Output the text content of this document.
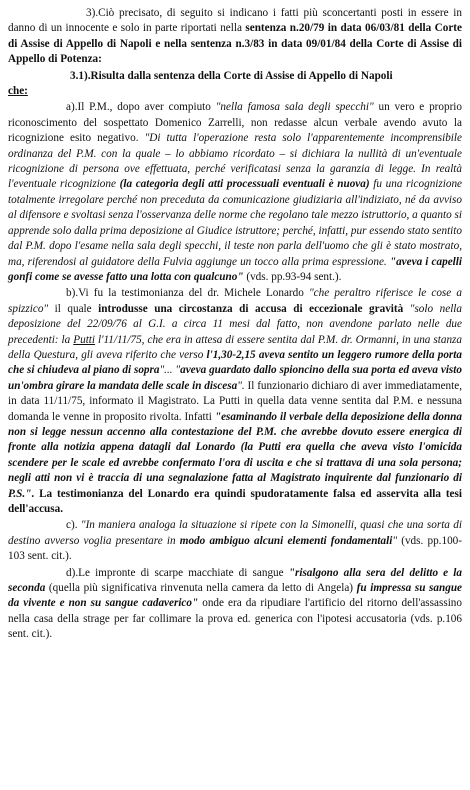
3).Ciò precisato, di seguito si indicano i fatti più sconcertanti posti in essere in danno di un innocente e solo in parte riportati nella sentenza n.20/79 in data 06/03/81 della Corte di Assise di Appello di Napoli e nella sentenza n.3/83 in data 09/01/84 della Corte di Assise di Appello di Potenza:

3.1).Risulta dalla sentenza della Corte di Assise di Appello di Napoli

che:

a).Il P.M., dopo aver compiuto "nella famosa sala degli specchi" un vero e proprio riconoscimento del sospettato Domenico Zarrelli, non redasse alcun verbale avendo avuto la ricognizione esito negativo. "Di tutta l'operazione resta solo l'apparentemente incomprensibile ordinanza del P.M. con la quale – lo abbiamo ricordato – si dichiara la nullità di un'eventuale ricognizione di persona ove effettuata, perché verificatasi senza la garanzia di legge. In realtà l'eventuale ricognizione (la categoria degli atti processuali eventuali è nuova) fu una ricognizione totalmente irregolare perché non preceduta da comunicazione giudiziaria all'indiziato, né da avviso al difensore e svoltasi senza l'osservanza delle norme che regolano tale mezzo istruttorio, a quanto si apprende solo dalla prima deposizione al Giudice istruttore; perché, infatti, pur essendo stato sentito dal P.M. dopo l'esame nella sala degli specchi, il teste non parla dell'uomo che gli è stato mostrato, ma, riferendosi al guidatore della Fulvia aggiunge un tocco alla prima espressione. "aveva i capelli gonfi come se avesse fatto una lotta con qualcuno" (vds. pp.93-94 sent.).

b).Vi fu la testimonianza del dr. Michele Lonardo "che peraltro riferisce le cose a spizzico" il quale introdusse una circostanza di accusa di eccezionale gravità "solo nella deposizione del 22/09/76 al G.I. a circa 11 mesi dal fatto, non avendone parlato nelle due precedenti: la Putti l'11/11/75, che era in attesa di essere sentita dal P.M. dr. Ormanni, in una stanza della Questura, gli aveva riferito che verso l'1,30-2,15 aveva sentito un leggero rumore della porta che si chiudeva al piano di sopra"... "aveva guardato dallo spioncino della sua porta ed aveva visto un'ombra girare la mandata delle scale in discesa". Il funzionario dichiaro di aver immediatamente, in data 11/11/75, informato il Magistrato. La Putti in quella data venne sentita dal P.M. e nessuna domanda le venne in proposito rivolta. Infatti "esaminando il verbale della deposizione della donna non si legge nessun accenno alla contestazione del P.M. che avrebbe dovuto essere energica di fronte alla notizia appena datagli dal Lonardo (la Putti era quella che aveva visto l'omicida scendere per le scale ed avrebbe confermato l'ora di uscita e che si trattava di una sola persona; negli atti non vi è traccia di una segnalazione fatta al Magistrato inquirente dal funzionario di P.S.". La testimonianza del Lonardo era quindi spudoratamente falsa ed asservita alla tesi dell'accusa.

c). "In maniera analoga la situazione si ripete con la Simonelli, quasi che una sorta di destino avverso voglia presentare in modo ambiguo alcuni elementi fondamentali" (vds. pp.100-103 sent. cit.).

d).Le impronte di scarpe macchiate di sangue "risalgono alla sera del delitto e la seconda (quella più significativa rinvenuta nella camera da letto di Angela) fu impressa su sangue da vivente e non su sangue cadaverico" onde era da ripudiare l'artificio del ritorno dell'assassino nella casa della strage per far collimare la prova ed. generica con l'ipotesi accusatoria (vds. p.106 sent. cit.).
